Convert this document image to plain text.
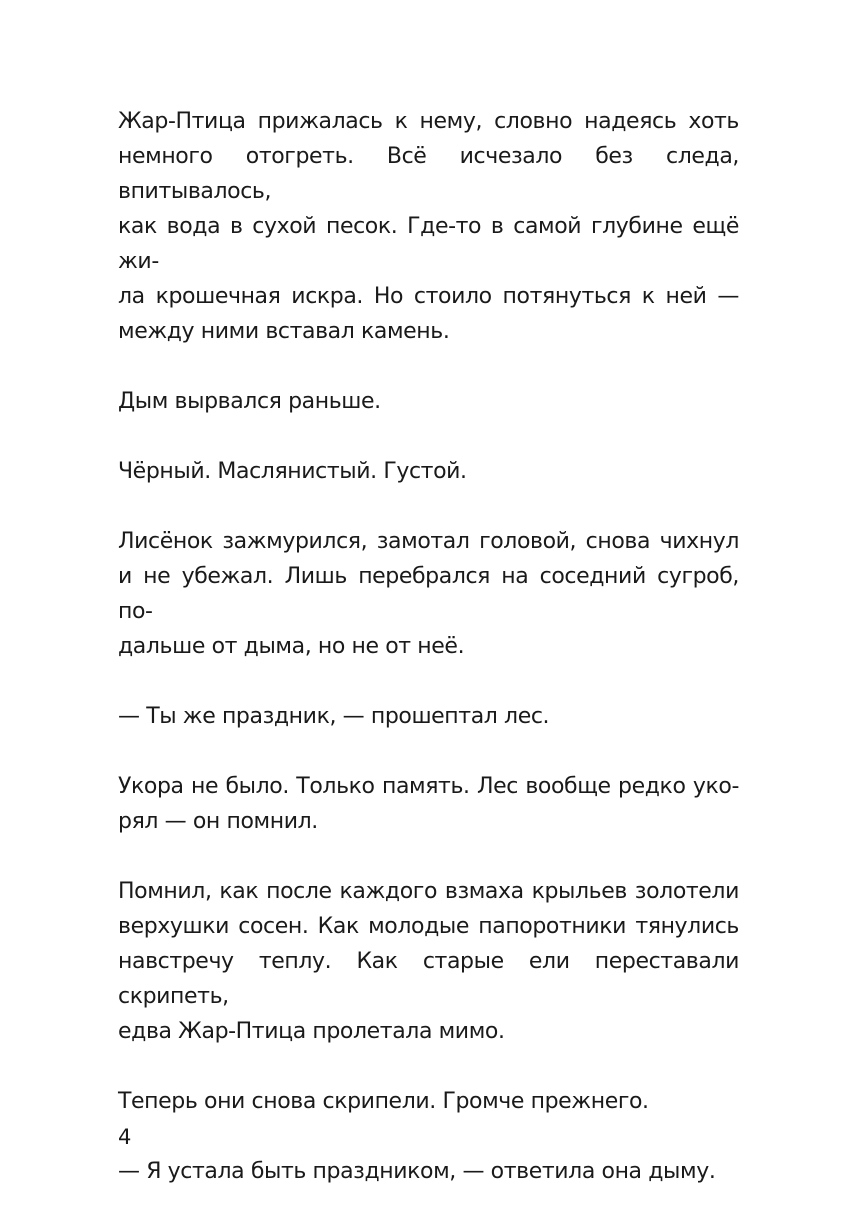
Жар-Птица прижалась к нему, словно надеясь хоть
немного отогреть. Всё исчезало без следа, впитывалось,
как вода в сухой песок. Где-то в самой глубине ещё жи-
ла крошечная искра. Но стоило потянуться к ней —
между ними вставал камень.

Дым вырвался раньше.

Чёрный. Маслянистый. Густой.

Лисёнок зажмурился, замотал головой, снова чихнул
и не убежал. Лишь перебрался на соседний сугроб, по-
дальше от дыма, но не от неё.

— Ты же праздник, — прошептал лес.

Укора не было. Только память. Лес вообще редко уко-
рял — он помнил.

Помнил, как после каждого взмаха крыльев золотели
верхушки сосен. Как молодые папоротники тянулись
навстречу теплу. Как старые ели переставали скрипеть,
едва Жар-Птица пролетала мимо.

Теперь они снова скрипели. Громче прежнего.

— Я устала быть праздником, — ответила она дыму.

4
